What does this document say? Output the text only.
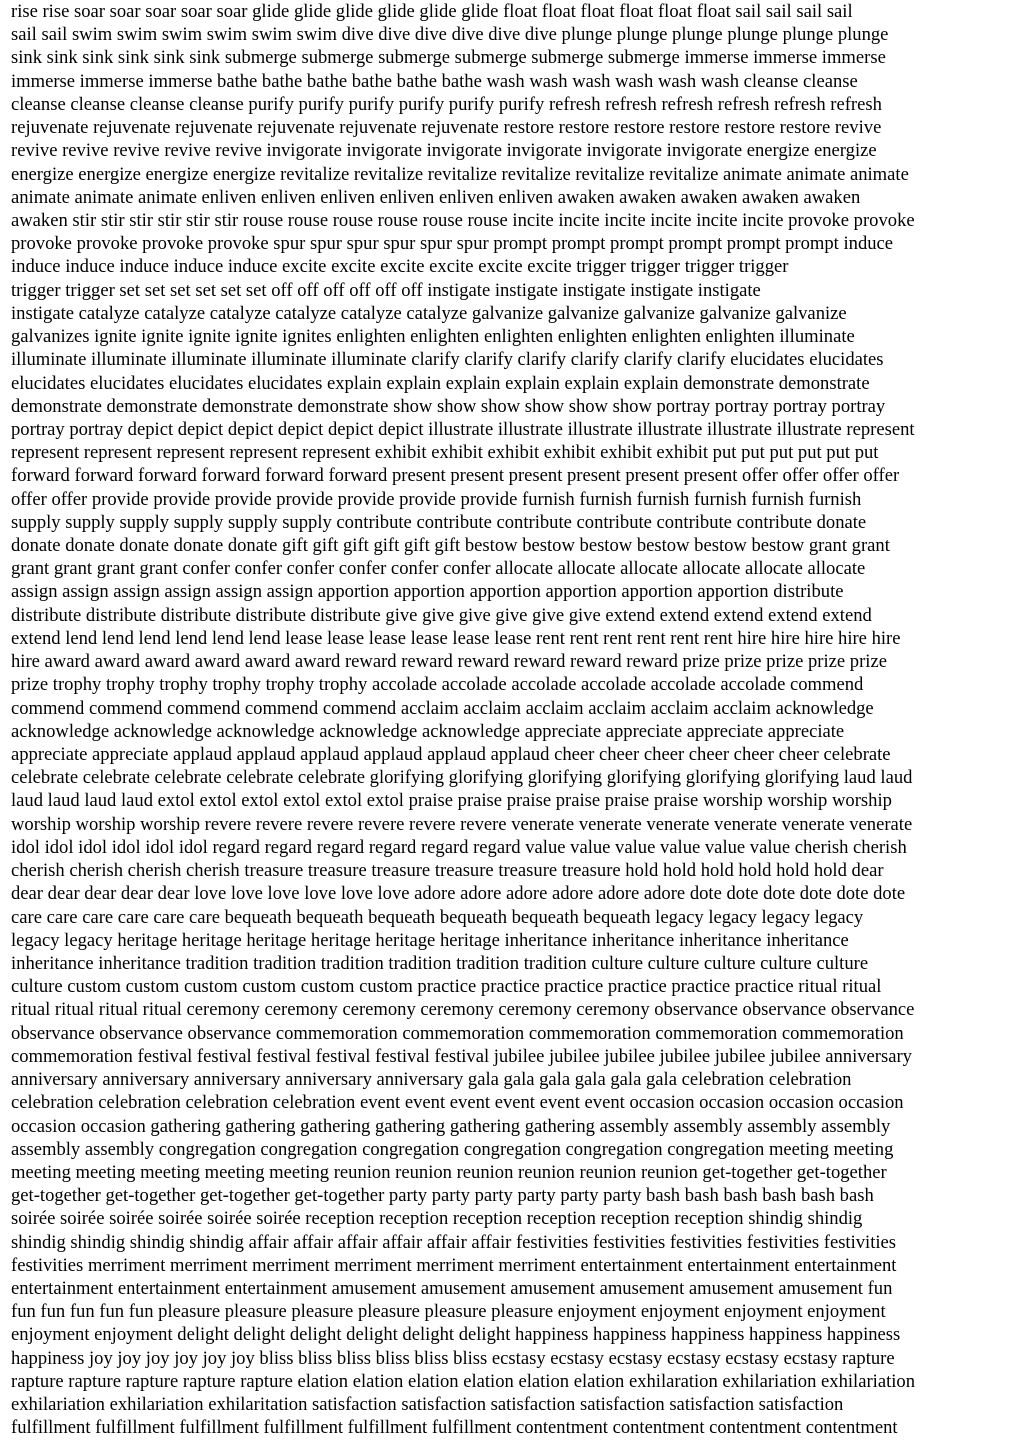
rise rise soar soar soar soar soar glide glide glide glide glide glide float float float float float float sail sail sail sail
sail sail swim swim swim swim swim swim dive dive dive dive dive dive plunge plunge plunge plunge plunge plunge
sink sink sink sink sink sink submerge submerge submerge submerge submerge submerge immerse immerse immerse
immerse immerse immerse bathe bathe bathe bathe bathe bathe wash wash wash wash wash wash cleanse cleanse
cleanse cleanse cleanse cleanse purify purify purify purify purify purify refresh refresh refresh refresh refresh refresh
rejuvenate rejuvenate rejuvenate rejuvenate rejuvenate rejuvenate restore restore restore restore restore restore revive
revive revive revive revive revive invigorate invigorate invigorate invigorate invigorate invigorate energize energize
energize energize energize energize revitalize revitalize revitalize revitalize revitalize revitalize animate animate animate
animate animate animate enliven enliven enliven enliven enliven enliven awaken awaken awaken awaken awaken
awaken stir stir stir stir stir stir rouse rouse rouse rouse rouse rouse incite incite incite incite incite incite provoke provoke
provoke provoke provoke provoke spur spur spur spur spur spur prompt prompt prompt prompt prompt prompt induce
induce induce induce induce induce excite excite excite excite excite excite trigger trigger trigger trigger
trigger trigger set set set set set set off off off off off off instigate instigate instigate instigate instigate
instigate catalyze catalyze catalyze catalyze catalyze catalyze galvanize galvanize galvanize galvanize galvanize
galvanizes ignite ignite ignite ignite ignites enlighten enlighten enlighten enlighten enlighten enlighten illuminate
illuminate illuminate illuminate illuminate illuminate clarify clarify clarify clarify clarify clarify elucidates elucidates
elucidates elucidates elucidates elucidates explain explain explain explain explain explain demonstrate demonstrate
demonstrate demonstrate demonstrate demonstrate show show show show show show portray portray portray portray
portray portray depict depict depict depict depict depict illustrate illustrate illustrate illustrate illustrate illustrate represent
represent represent represent represent represent exhibit exhibit exhibit exhibit exhibit exhibit put put put put put put
forward forward forward forward forward forward present present present present present present offer offer offer offer
offer offer provide provide provide provide provide provide provide furnish furnish furnish furnish furnish furnish
supply supply supply supply supply supply contribute contribute contribute contribute contribute contribute donate
donate donate donate donate donate gift gift gift gift gift gift bestow bestow bestow bestow bestow bestow grant grant
grant grant grant grant confer confer confer confer confer confer allocate allocate allocate allocate allocate allocate
assign assign assign assign assign assign apportion apportion apportion apportion apportion apportion distribute
distribute distribute distribute distribute distribute give give give give give give extend extend extend extend extend
extend lend lend lend lend lend lend lease lease lease lease lease lease rent rent rent rent rent rent hire hire hire hire hire
hire award award award award award award reward reward reward reward reward reward prize prize prize prize prize
prize trophy trophy trophy trophy trophy trophy accolade accolade accolade accolade accolade accolade commend
commend commend commend commend commend acclaim acclaim acclaim acclaim acclaim acclaim acknowledge
acknowledge acknowledge acknowledge acknowledge acknowledge appreciate appreciate appreciate appreciate
appreciate appreciate applaud applaud applaud applaud applaud applaud cheer cheer cheer cheer cheer cheer celebrate
celebrate celebrate celebrate celebrate celebrate glorifying glorifying glorifying glorifying glorifying glorifying laud laud
laud laud laud laud extol extol extol extol extol extol praise praise praise praise praise praise worship worship worship
worship worship worship revere revere revere revere revere revere venerate venerate venerate venerate venerate venerate
idol idol idol idol idol idol regard regard regard regard regard regard value value value value value value cherish cherish
cherish cherish cherish cherish treasure treasure treasure treasure treasure treasure hold hold hold hold hold hold dear
dear dear dear dear dear love love love love love love adore adore adore adore adore adore dote dote dote dote dote dote
care care care care care care bequeath bequeath bequeath bequeath bequeath bequeath legacy legacy legacy legacy
legacy legacy heritage heritage heritage heritage heritage heritage inheritance inheritance inheritance inheritance
inheritance inheritance tradition tradition tradition tradition tradition tradition culture culture culture culture culture
culture custom custom custom custom custom custom practice practice practice practice practice practice ritual ritual
ritual ritual ritual ritual ceremony ceremony ceremony ceremony ceremony ceremony observance observance observance
observance observance observance commemoration commemoration commemoration commemoration commemoration
commemoration festival festival festival festival festival festival jubilee jubilee jubilee jubilee jubilee jubilee anniversary
anniversary anniversary anniversary anniversary anniversary gala gala gala gala gala gala celebration celebration
celebration celebration celebration celebration event event event event event event occasion occasion occasion occasion
occasion occasion gathering gathering gathering gathering gathering gathering assembly assembly assembly assembly
assembly assembly congregation congregation congregation congregation congregation congregation meeting meeting
meeting meeting meeting meeting meeting reunion reunion reunion reunion reunion reunion get-together get-together
get-together get-together get-together get-together party party party party party party bash bash bash bash bash bash
soirée soirée soirée soirée soirée soirée reception reception reception reception reception reception shindig shindig
shindig shindig shindig shindig affair affair affair affair affair affair festivities festivities festivities festivities festivities
festivities merriment merriment merriment merriment merriment merriment entertainment entertainment entertainment
entertainment entertainment entertainment amusement amusement amusement amusement amusement amusement fun
fun fun fun fun fun pleasure pleasure pleasure pleasure pleasure pleasure enjoyment enjoyment enjoyment enjoyment
enjoyment enjoyment delight delight delight delight delight delight happiness happiness happiness happiness happiness
happiness joy joy joy joy joy joy bliss bliss bliss bliss bliss bliss ecstasy ecstasy ecstasy ecstasy ecstasy ecstasy rapture
rapture rapture rapture rapture rapture elation elation elation elation elation elation exhilaration exhilariation exhilariation
exhilariation exhilariation exhilaritation satisfaction satisfaction satisfaction satisfaction satisfaction satisfaction
fulfillment fulfillment fulfillment fulfillment fulfillment fulfillment contentment contentment contentment contentment
